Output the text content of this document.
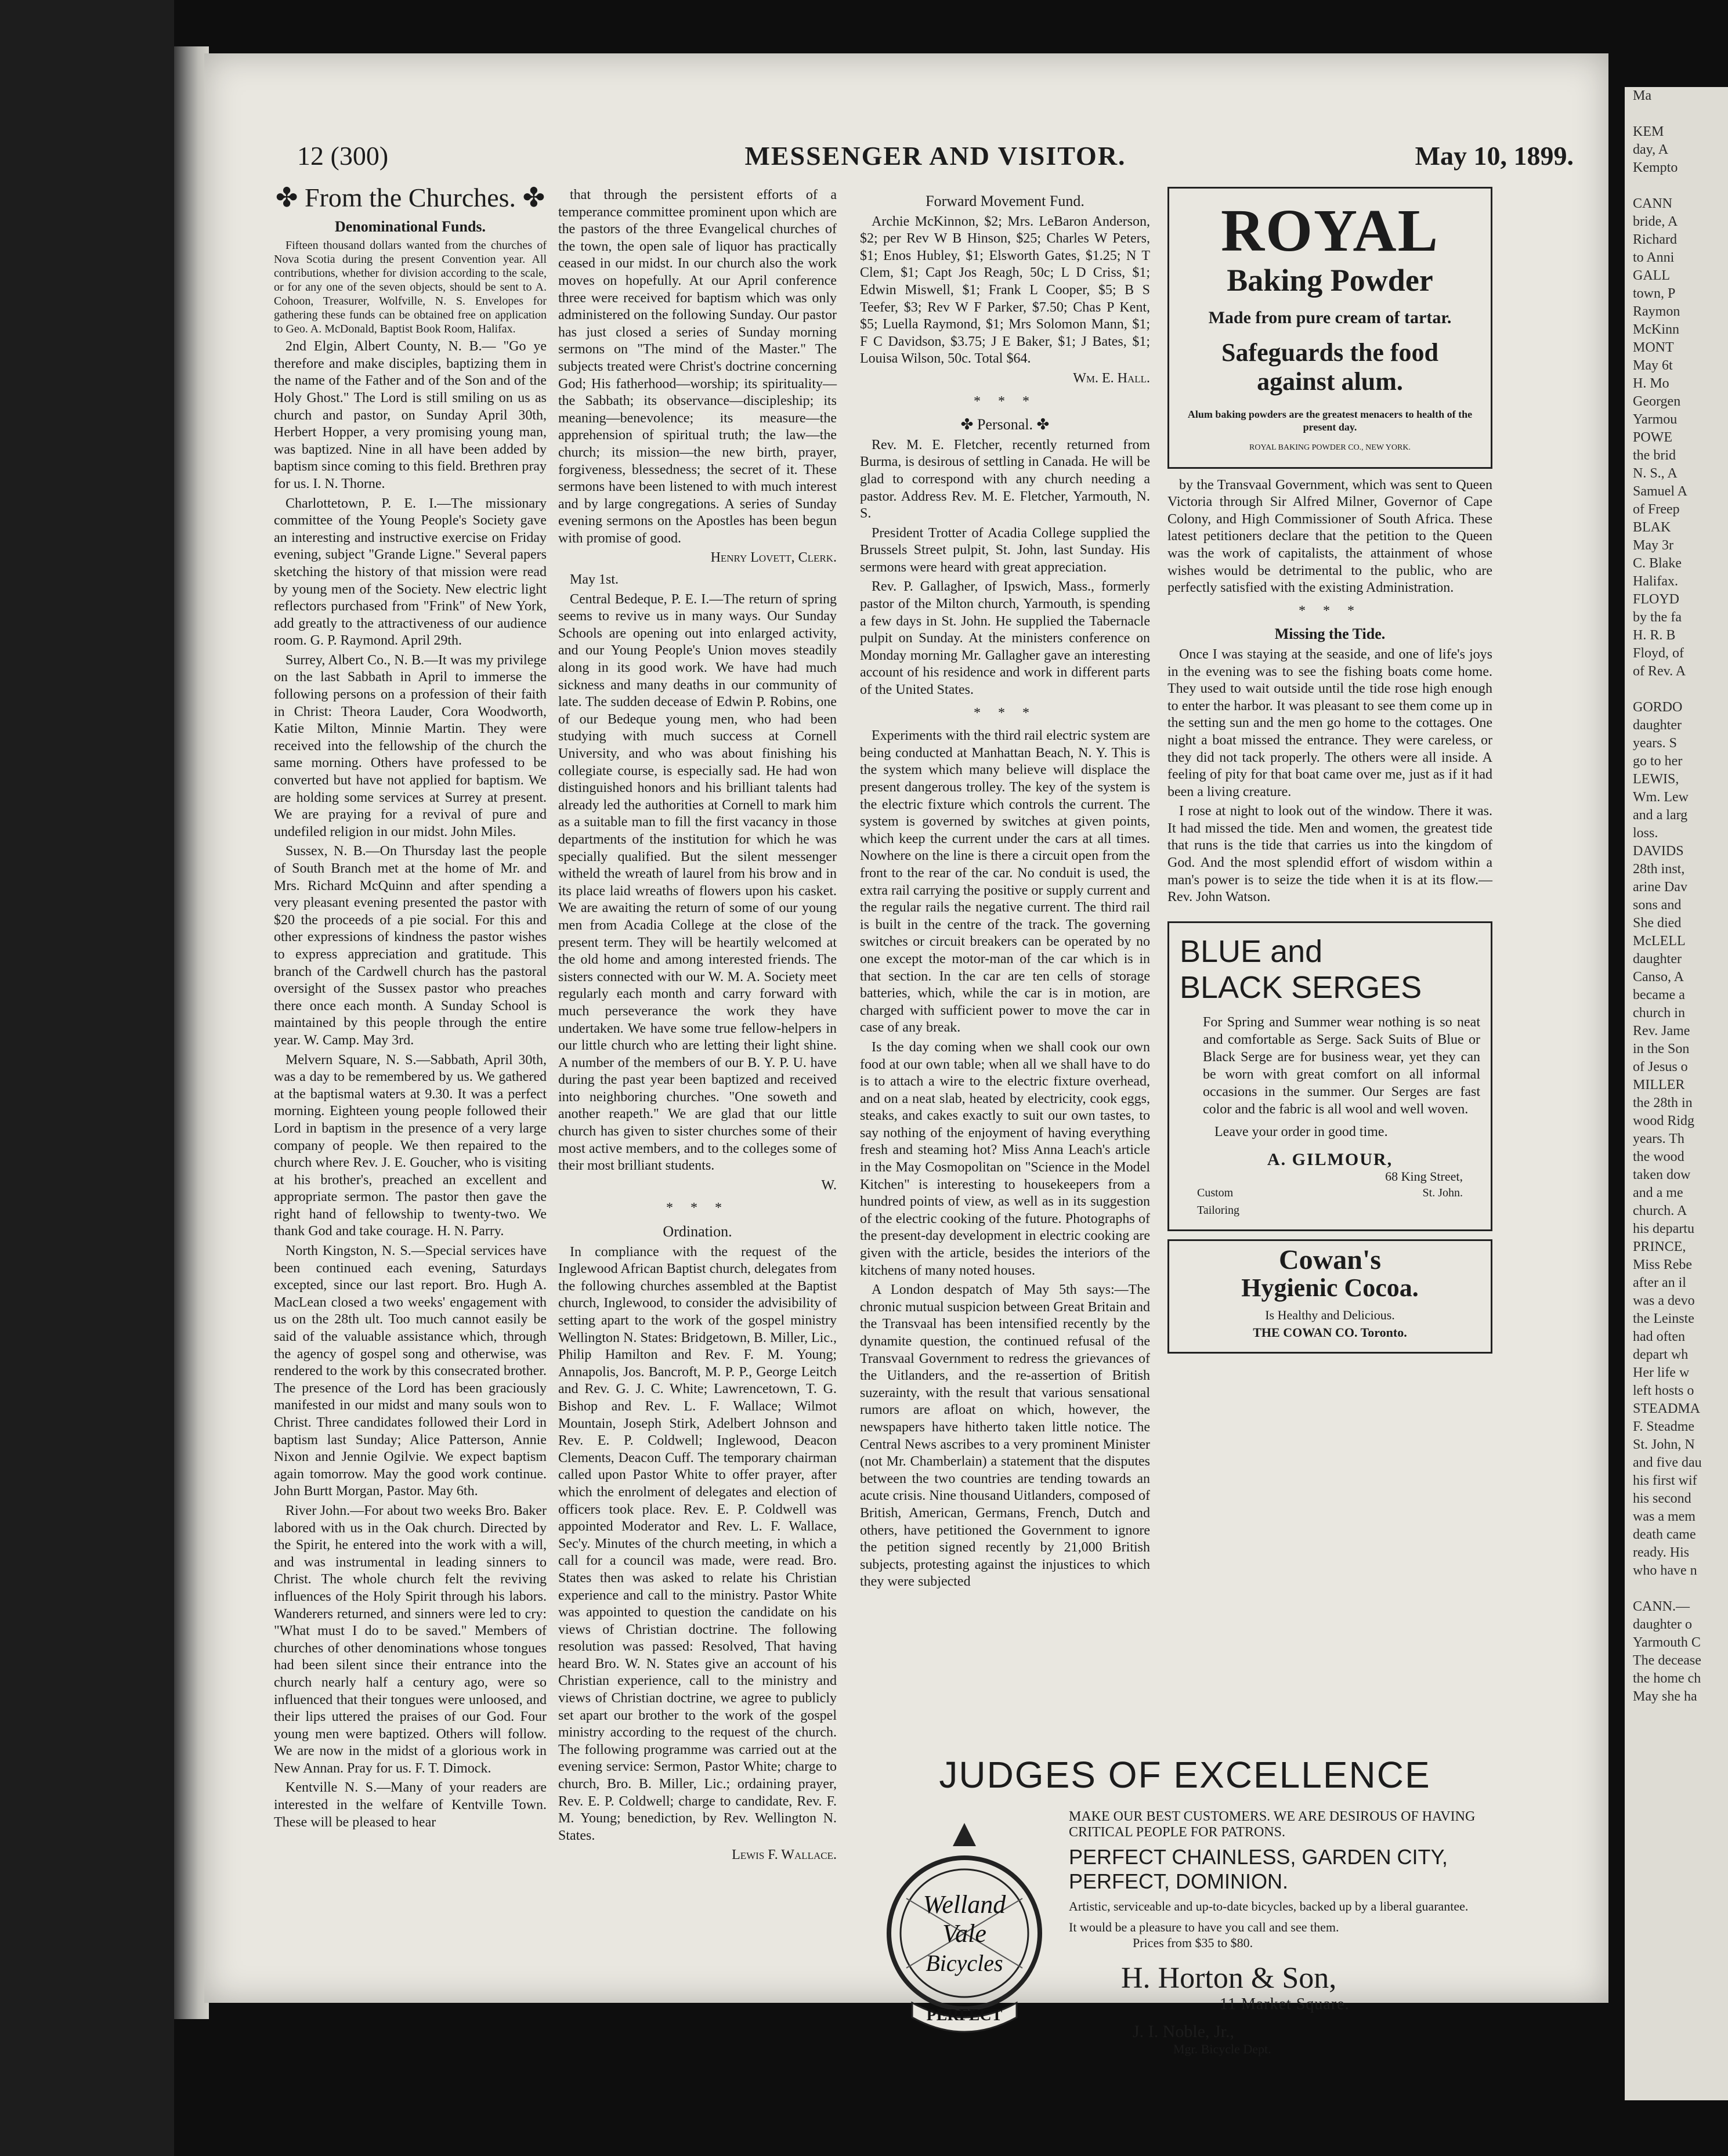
12 (300)	MESSENGER AND VISITOR.	May 10, 1899.
✤ From the Churches. ✤
Denominational Funds.

Fifteen thousand dollars wanted from the churches of Nova Scotia during the present Convention year. All contributions, whether for division according to the scale, or for any one of the seven objects, should be sent to A. Cohoon, Treasurer, Wolfville, N. S. Envelopes for gathering these funds can be obtained free on application to Geo. A. McDonald, Baptist Book Room, Halifax.

2nd Elgin, Albert County, N. B.— "Go ye therefore and make disciples, baptizing them in the name of the Father and of the Son and of the Holy Ghost." The Lord is still smiling on us as church and pastor, on Sunday April 30th, Herbert Hopper, a very promising young man, was baptized. Nine in all have been added by baptism since coming to this field. Brethren pray for us. I. N. Thorne.

Charlottetown, P. E. I.—The missionary committee of the Young People's Society gave an interesting and instructive exercise on Friday evening, subject "Grande Ligne." Several papers sketching the history of that mission were read by young men of the Society. New electric light reflectors purchased from "Frink" of New York, add greatly to the attractiveness of our audience room. G. P. Raymond. April 29th.

Surrey, Albert Co., N. B.—It was my privilege on the last Sabbath in April to immerse the following persons on a profession of their faith in Christ: Theora Lauder, Cora Woodworth, Katie Milton, Minnie Martin. They were received into the fellowship of the church the same morning. Others have professed to be converted but have not applied for baptism. We are holding some services at Surrey at present. We are praying for a revival of pure and undefiled religion in our midst. John Miles.

Sussex, N. B.—On Thursday last the people of South Branch met at the home of Mr. and Mrs. Richard McQuinn and after spending a very pleasant evening presented the pastor with $20 the proceeds of a pie social. For this and other expressions of kindness the pastor wishes to express appreciation and gratitude. This branch of the Cardwell church has the pastoral oversight of the Sussex pastor who preaches there once each month. A Sunday School is maintained by this people through the entire year. W. Camp. May 3rd.

Melvern Square, N. S.—Sabbath, April 30th, was a day to be remembered by us. We gathered at the baptismal waters at 9.30. It was a perfect morning. Eighteen young people followed their Lord in baptism in the presence of a very large company of people. We then repaired to the church where Rev. J. E. Goucher, who is visiting at his brother's, preached an excellent and appropriate sermon. The pastor then gave the right hand of fellowship to twenty-two. We thank God and take courage. H. N. Parry.

North Kingston, N. S.—Special services have been continued each evening, Saturdays excepted, since our last report. Bro. Hugh A. MacLean closed a two weeks' engagement with us on the 28th ult. Too much cannot easily be said of the valuable assistance which, through the agency of gospel song and otherwise, was rendered to the work by this consecrated brother. The presence of the Lord has been graciously manifested in our midst and many souls won to Christ. Three candidates followed their Lord in baptism last Sunday; Alice Patterson, Annie Nixon and Jennie Ogilvie. We expect baptism again tomorrow. May the good work continue. John Burtt Morgan, Pastor. May 6th.

River John.—For about two weeks Bro. Baker labored with us in the Oak church. Directed by the Spirit, he entered into the work with a will, and was instrumental in leading sinners to Christ. The whole church felt the reviving influences of the Holy Spirit through his labors. Wanderers returned, and sinners were led to cry: "What must I do to be saved." Members of churches of other denominations whose tongues had been silent since their entrance into the church nearly half a century ago, were so influenced that their tongues were unloosed, and their lips uttered the praises of our God. Four young men were baptized. Others will follow. We are now in the midst of a glorious work in New Annan. Pray for us. F. T. Dimock.

Kentville N. S.—Many of your readers are interested in the welfare of Kentville Town. These will be pleased to hear

that through the persistent efforts of a temperance committee prominent upon which are the pastors of the three Evangelical churches of the town, the open sale of liquor has practically ceased in our midst. In our church also the work moves on hopefully. At our April conference three were received for baptism which was only administered on the following Sunday. Our pastor has just closed a series of Sunday morning sermons on "The mind of the Master." The subjects treated were Christ's doctrine concerning God; His fatherhood—worship; its spirituality—the Sabbath; its observance—discipleship; its meaning—benevolence; its measure—the apprehension of spiritual truth; the law—the church; its mission—the new birth, prayer, forgiveness, blessedness; the secret of it. These sermons have been listened to with much interest and by large congregations. A series of Sunday evening sermons on the Apostles has been begun with promise of good.

Henry Lovett, Clerk.

May 1st.

Central Bedeque, P. E. I.—The return of spring seems to revive us in many ways. Our Sunday Schools are opening out into enlarged activity, and our Young People's Union moves steadily along in its good work. We have had much sickness and many deaths in our community of late. The sudden decease of Edwin P. Robins, one of our Bedeque young men, who had been studying with much success at Cornell University, and who was about finishing his collegiate course, is especially sad. He had won distinguished honors and his brilliant talents had already led the authorities at Cornell to mark him as a suitable man to fill the first vacancy in those departments of the institution for which he was specially qualified. But the silent messenger witheld the wreath of laurel from his brow and in its place laid wreaths of flowers upon his casket. We are awaiting the return of some of our young men from Acadia College at the close of the present term. They will be heartily welcomed at the old home and among interested friends. The sisters connected with our W. M. A. Society meet regularly each month and carry forward with much perseverance the work they have undertaken. We have some true fellow-helpers in our little church who are letting their light shine. A number of the members of our B. Y. P. U. have during the past year been baptized and received into neighboring churches. "One soweth and another reapeth." We are glad that our little church has given to sister churches some of their most active members, and to the colleges some of their most brilliant students.

W.
* * *
Ordination.

In compliance with the request of the Inglewood African Baptist church, delegates from the following churches assembled at the Baptist church, Inglewood, to consider the advisibility of setting apart to the work of the gospel ministry Wellington N. States: Bridgetown, B. Miller, Lic., Philip Hamilton and Rev. F. M. Young; Annapolis, Jos. Bancroft, M. P. P., George Leitch and Rev. G. J. C. White; Lawrencetown, T. G. Bishop and Rev. L. F. Wallace; Wilmot Mountain, Joseph Stirk, Adelbert Johnson and Rev. E. P. Coldwell; Inglewood, Deacon Clements, Deacon Cuff. The temporary chairman called upon Pastor White to offer prayer, after which the enrolment of delegates and election of officers took place. Rev. E. P. Coldwell was appointed Moderator and Rev. L. F. Wallace, Sec'y. Minutes of the church meeting, in which a call for a council was made, were read. Bro. States then was asked to relate his Christian experience and call to the ministry. Pastor White was appointed to question the candidate on his views of Christian doctrine. The following resolution was passed: Resolved, That having heard Bro. W. N. States give an account of his Christian experience, call to the ministry and views of Christian doctrine, we agree to publicly set apart our brother to the work of the gospel ministry according to the request of the church. The following programme was carried out at the evening service: Sermon, Pastor White; charge to church, Bro. B. Miller, Lic.; ordaining prayer, Rev. E. P. Coldwell; charge to candidate, Rev. F. M. Young; benediction, by Rev. Wellington N. States.

Lewis F. Wallace.
Forward Movement Fund.

Archie McKinnon, $2; Mrs. LeBaron Anderson, $2; per Rev W B Hinson, $25; Charles W Peters, $1; Enos Hubley, $1; Elsworth Gates, $1.25; N T Clem, $1; Capt Jos Reagh, 50c; L D Criss, $1; Edwin Miswell, $1; Frank L Cooper, $5; B S Teefer, $3; Rev W F Parker, $7.50; Chas P Kent, $5; Luella Raymond, $1; Mrs Solomon Mann, $1; F C Davidson, $3.75; J E Baker, $1; J Bates, $1; Louisa Wilson, 50c. Total $64.

Wm. E. Hall.
* * *
✤ Personal. ✤

Rev. M. E. Fletcher, recently returned from Burma, is desirous of settling in Canada. He will be glad to correspond with any church needing a pastor. Address Rev. M. E. Fletcher, Yarmouth, N. S.

President Trotter of Acadia College supplied the Brussels Street pulpit, St. John, last Sunday. His sermons were heard with great appreciation.

Rev. P. Gallagher, of Ipswich, Mass., formerly pastor of the Milton church, Yarmouth, is spending a few days in St. John. He supplied the Tabernacle pulpit on Sunday. At the ministers conference on Monday morning Mr. Gallagher gave an interesting account of his residence and work in different parts of the United States.

* * *

Experiments with the third rail electric system are being conducted at Manhattan Beach, N. Y. This is the system which many believe will displace the present dangerous trolley. The key of the system is the electric fixture which controls the current. The system is governed by switches at given points, which keep the current under the cars at all times. Nowhere on the line is there a circuit open from the front to the rear of the car. No conduit is used, the extra rail carrying the positive or supply current and the regular rails the negative current. The third rail is built in the centre of the track. The governing switches or circuit breakers can be operated by no one except the motor-man of the car which is in that section. In the car are ten cells of storage batteries, which, while the car is in motion, are charged with sufficient power to move the car in case of any break.

Is the day coming when we shall cook our own food at our own table; when all we shall have to do is to attach a wire to the electric fixture overhead, and on a neat slab, heated by electricity, cook eggs, steaks, and cakes exactly to suit our own tastes, to say nothing of the enjoyment of having everything fresh and steaming hot? Miss Anna Leach's article in the May Cosmopolitan on "Science in the Model Kitchen" is interesting to housekeepers from a hundred points of view, as well as in its suggestion of the electric cooking of the future. Photographs of the present-day development in electric cooking are given with the article, besides the interiors of the kitchens of many noted houses.

A London despatch of May 5th says:—The chronic mutual suspicion between Great Britain and the Transvaal has been intensified recently by the dynamite question, the continued refusal of the Transvaal Government to redress the grievances of the Uitlanders, and the re-assertion of British suzerainty, with the result that various sensational rumors are afloat on which, however, the newspapers have hitherto taken little notice. The Central News ascribes to a very prominent Minister (not Mr. Chamberlain) a statement that the disputes between the two countries are tending towards an acute crisis. Nine thousand Uitlanders, composed of British, American, Germans, French, Dutch and others, have petitioned the Government to ignore the petition signed recently by 21,000 British subjects, protesting against the injustices to which they were subjected

ROYAL
Baking Powder
Made from pure cream of tartar.
Safeguards the food against alum.
Alum baking powders are the greatest menacers to health of the present day.
ROYAL BAKING POWDER CO., NEW YORK.

by the Transvaal Government, which was sent to Queen Victoria through Sir Alfred Milner, Governor of Cape Colony, and High Commissioner of South Africa. These latest petitioners declare that the petition to the Queen was the work of capitalists, the attainment of whose wishes would be detrimental to the public, who are perfectly satisfied with the existing Administration.

* * *
Missing the Tide.

Once I was staying at the seaside, and one of life's joys in the evening was to see the fishing boats come home. They used to wait outside until the tide rose high enough to enter the harbor. It was pleasant to see them come up in the setting sun and the men go home to the cottages. One night a boat missed the entrance. They were careless, or they did not tack properly. The others were all inside. A feeling of pity for that boat came over me, just as if it had been a living creature.

I rose at night to look out of the window. There it was. It had missed the tide. Men and women, the greatest tide that runs is the tide that carries us into the kingdom of God. And the most splendid effort of wisdom within a man's power is to seize the tide when it is at its flow.—Rev. John Watson.

BLUE and
BLACK SERGES
For Spring and Summer wear nothing is so neat and comfortable as Serge. Sack Suits of Blue or Black Serge are for business wear, yet they can be worn with great comfort on all informal occasions in the summer. Our Serges are fast color and the fabric is all wool and well woven.
Leave your order in good time.
A. GILMOUR,
68 King Street,
Custom	St. John.
Tailoring
Cowan's
Hygienic Cocoa.
Is Healthy and Delicious.
THE COWAN CO. Toronto.
JUDGES OF EXCELLENCE
Welland
Vale
Bicycles
PERFECT
MAKE OUR BEST CUSTOMERS. WE ARE DESIROUS OF HAVING CRITICAL PEOPLE FOR PATRONS.
PERFECT CHAINLESS, GARDEN CITY, PERFECT, DOMINION.
Artistic, serviceable and up-to-date bicycles, backed up by a liberal guarantee.
It would be a pleasure to have you call and see them.
Prices from $35 to $80.
H. Horton & Son,
11 Market Square.
J. I. Noble, Jr.,
Mgr. Bicycle Dept.
Ma

KEM
day, A
Kempto

CANN
bride, A
Richard
to Anni
GALL
town, P
Raymon
McKinn
MONT
May 6t
H. Mo
Georgen
Yarmou
POWE
the brid
N. S., A
Samuel A
of Freep
BLAK
May 3r
C. Blake
Halifax.
FLOYD
by the fa
H. R. B
Floyd, of
of Rev. A

GORDO
daughter
years. S
go to her
LEWIS,
Wm. Lew
and a larg
loss.
DAVIDS
28th inst,
arine Dav
sons and
She died
McLELL
daughter
Canso, A
became a
church in
Rev. Jame
in the Son
of Jesus o
MILLER
the 28th in
wood Ridg
years. Th
the wood
taken dow
and a me
church. A
his departu
PRINCE,
Miss Rebe
after an il
was a devo
the Leinste
had often
depart wh
Her life w
left hosts o
STEADMA
F. Steadme
St. John, N
and five dau
his first wif
his second
was a mem
death came
ready. His
who have n

CANN.—
daughter o
Yarmouth C
The decease
the home ch
May she ha
